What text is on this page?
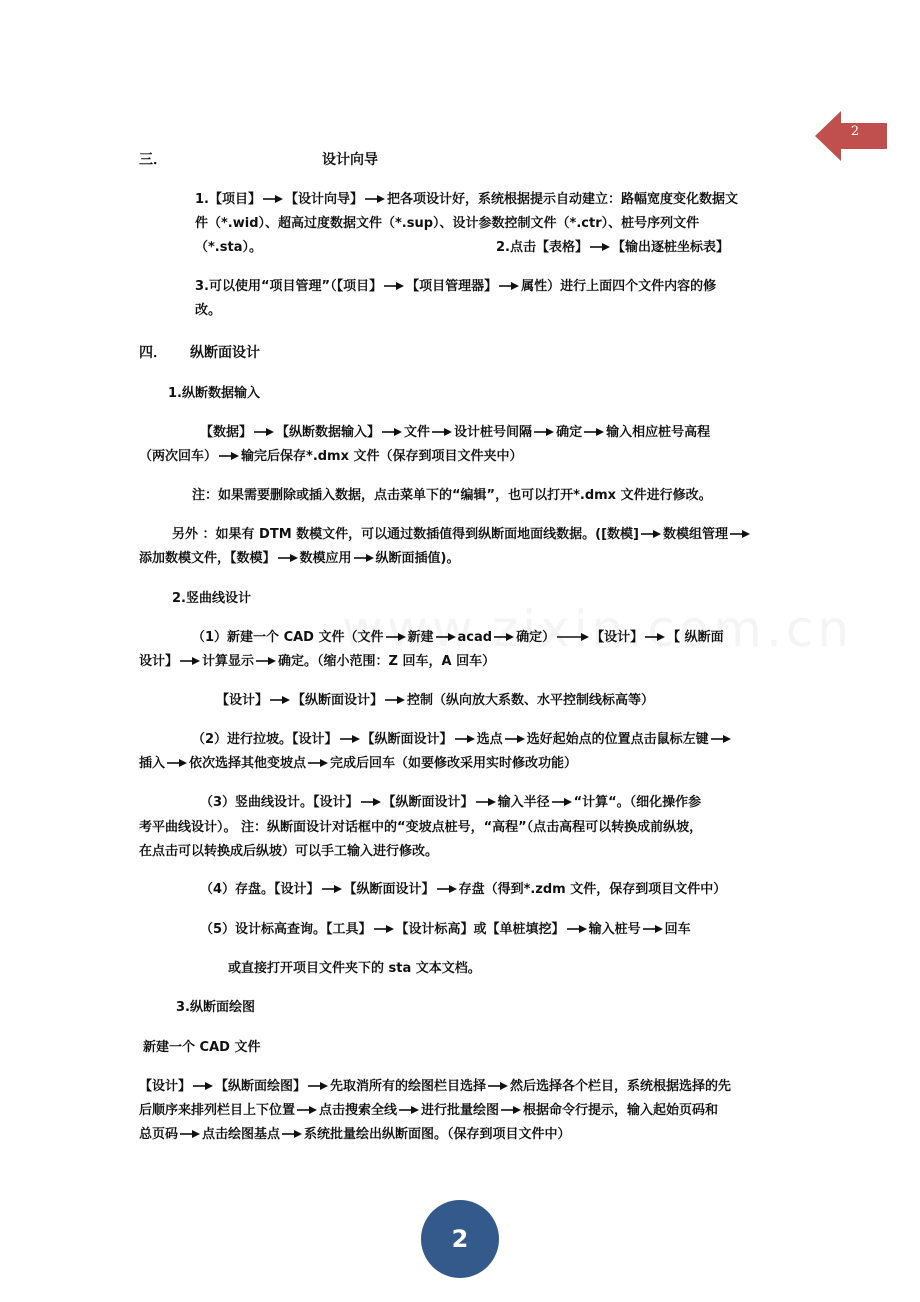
2
三．	设计向导
1.【项目】 【设计向导】 把各项设计好，系统根据提示自动建立：路幅宽度变化数据文
件（*.wid）、超高过度数据文件（*.sup）、设计参数控制文件（*.ctr）、桩号序列文件
（*.sta）。	2.点击【表格】 【输出逐桩坐标表】
3.可以使用“项目管理”（【项目】 【项目管理器】 属性）进行上面四个文件内容的修
改。
四． 纵断面设计
1.纵断数据输入
【数据】 【纵断数据输入】 文件 设计桩号间隔 确定 输入相应桩号高程
（两次回车） 输完后保存*.dmx 文件（保存到项目文件夹中）
注：如果需要删除或插入数据，点击菜单下的“编辑”，也可以打开*.dmx 文件进行修改。
另外 ：如果有 DTM 数模文件，可以通过数插值得到纵断面地面线数据。([数模] 数模组管理
添加数模文件，【数模】 数模应用 纵断面插值)。
2.竖曲线设计
（1）新建一个 CAD 文件（文件 新建 acad 确定）	【设计】 【 纵断面
设计】 计算显示 确定。（缩小范围：Z 回车，A 回车）
【设计】 【纵断面设计】 控制（纵向放大系数、水平控制线标高等）
（2）进行拉坡。【设计】 【纵断面设计】 选点 选好起始点的位置点击鼠标左键
插入 依次选择其他变坡点 完成后回车（如要修改采用实时修改功能）
（3）竖曲线设计。【设计】 【纵断面设计】 输入半径 “计算“。（细化操作参
考平曲线设计）。 注：纵断面设计对话框中的“变坡点桩号，“高程”（点击高程可以转换成前纵坡，
在点击可以转换成后纵坡）可以手工输入进行修改。
（4）存盘。【设计】 【纵断面设计】 存盘（得到*.zdm 文件，保存到项目文件中）
（5）设计标高查询。【工具】 【设计标高】或【单桩填挖】 输入桩号 回车
或直接打开项目文件夹下的 sta 文本文档。
3.纵断面绘图
新建一个 CAD 文件
【设计】 【纵断面绘图】 先取消所有的绘图栏目选择 然后选择各个栏目，系统根据选择的先
后顺序来排列栏目上下位置 点击搜索全线 进行批量绘图 根据命令行提示，输入起始页码和
总页码 点击绘图基点 系统批量绘出纵断面图。（保存到项目文件中）
2
